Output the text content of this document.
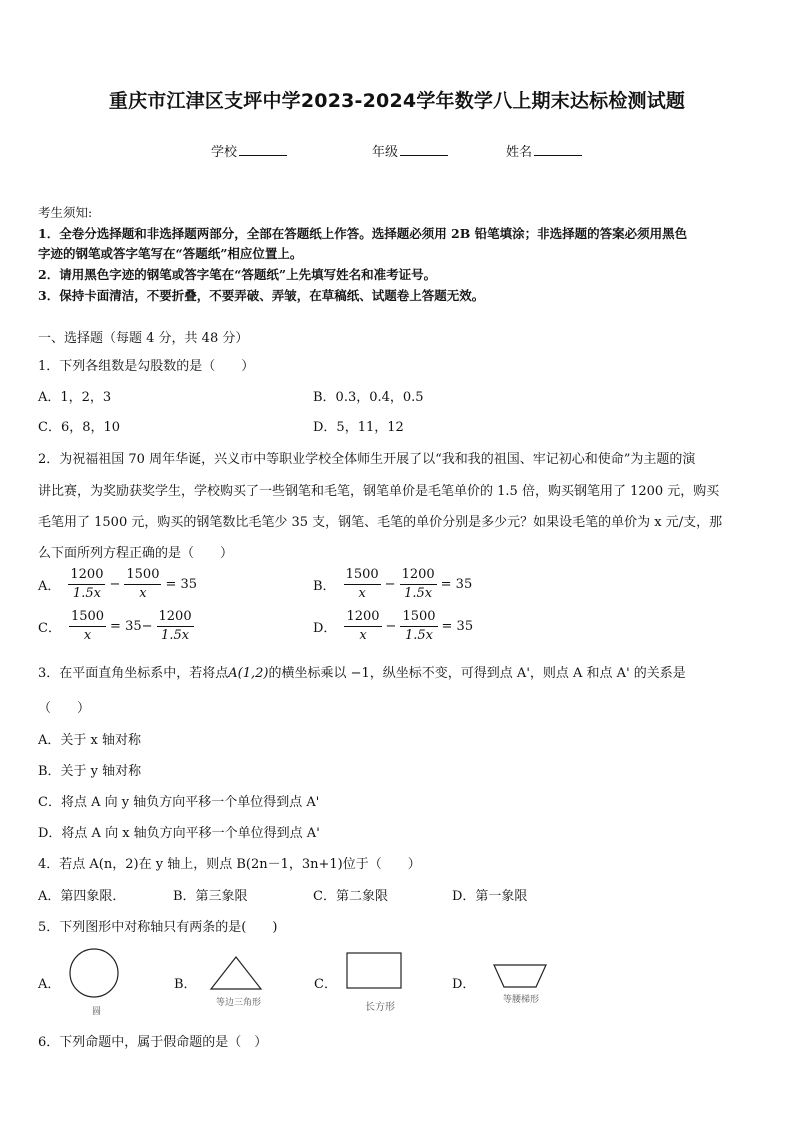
重庆市江津区支坪中学2023-2024学年数学八上期末达标检测试题
学校	年级	姓名
考生须知:
1．全卷分选择题和非选择题两部分，全部在答题纸上作答。选择题必须用 2B 铅笔填涂；非选择题的答案必须用黑色
字迹的钢笔或答字笔写在“答题纸”相应位置上。
2．请用黑色字迹的钢笔或答字笔在“答题纸”上先填写姓名和准考证号。
3．保持卡面清洁，不要折叠，不要弄破、弄皱，在草稿纸、试题卷上答题无效。
一、选择题（每题 4 分，共 48 分）
1．下列各组数是勾股数的是（　　）
A．1，2，3	B．0.3，0.4，0.5
C．6，8，10	D．5，11，12
2．为祝福祖国 70 周年华诞，兴义市中等职业学校全体师生开展了以“我和我的祖国、牢记初心和使命”为主题的演
讲比赛，为奖励获奖学生，学校购买了一些钢笔和毛笔，钢笔单价是毛笔单价的 1.5 倍，购买钢笔用了 1200 元，购买
毛笔用了 1500 元，购买的钢笔数比毛笔少 35 支，钢笔、毛笔的单价分别是多少元？如果设毛笔的单价为 x 元/支，那
么下面所列方程正确的是（　　）
A． $\frac{1200}{1.5x} - \frac{1500}{x} = 35$	B． $\frac{1500}{x} - \frac{1200}{1.5x} = 35$
C． $\frac{1500}{x} = 35- \frac{1200}{1.5x}$	D． $\frac{1200}{x} - \frac{1500}{1.5x} = 35$
3．在平面直角坐标系中，若将点A(1,2)的横坐标乘以 −1，纵坐标不变，可得到点 A'，则点 A 和点 A' 的关系是
（　　）
A．关于 x 轴对称
B．关于 y 轴对称
C．将点 A 向 y 轴负方向平移一个单位得到点 A'
D．将点 A 向 x 轴负方向平移一个单位得到点 A'
4．若点 A(n，2)在 y 轴上，则点 B(2n－1，3n+1)位于（　　）
A．第四象限．	B．第三象限	C．第二象限	D．第一象限
5．下列图形中对称轴只有两条的是(　　)
A．
圆
B．
等边三角形
C．
长方形
D．
等腰梯形
6．下列命题中，属于假命题的是（　）
